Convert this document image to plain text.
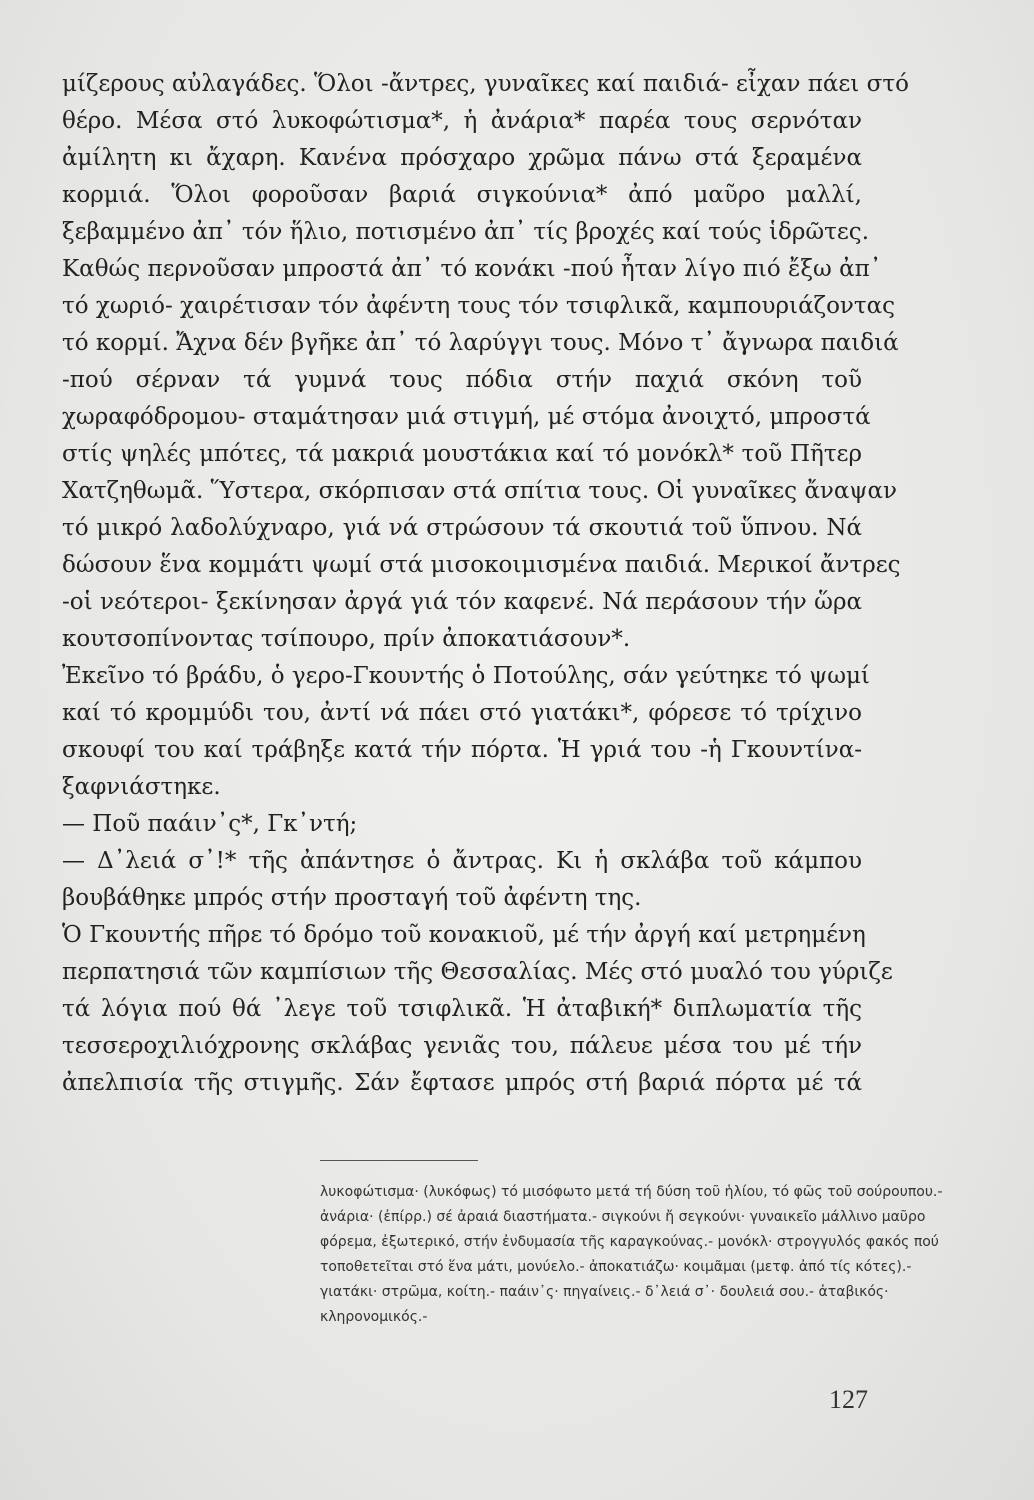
μίζερους αὐλαγάδες. Ὅλοι -ἄντρες, γυναῖκες καί παιδιά- εἶχαν πάει στό
θέρο. Μέσα στό λυκοφώτισμα*, ἡ ἀνάρια* παρέα τους σερνόταν
ἀμίλητη κι ἄχαρη. Κανένα πρόσχαρο χρῶμα πάνω στά ξεραμένα
κορμιά. Ὅλοι φοροῦσαν βαριά σιγκούνια* ἀπό μαῦρο μαλλί,
ξεβαμμένο ἀπ᾽ τόν ἥλιο, ποτισμένο ἀπ᾽ τίς βροχές καί τούς ἱδρῶτες.
Καθώς περνοῦσαν μπροστά ἀπ᾽ τό κονάκι -πού ἦταν λίγο πιό ἔξω ἀπ᾽
τό χωριό- χαιρέτισαν τόν ἀφέντη τους τόν τσιφλικᾶ, καμπουριάζοντας
τό κορμί. Ἄχνα δέν βγῆκε ἀπ᾽ τό λαρύγγι τους. Μόνο τ᾽ ἄγνωρα παιδιά
-πού σέρναν τά γυμνά τους πόδια στήν παχιά σκόνη τοῦ
χωραφόδρομου- σταμάτησαν μιά στιγμή, μέ στόμα ἀνοιχτό, μπροστά
στίς ψηλές μπότες, τά μακριά μουστάκια καί τό μονόκλ* τοῦ Πῆτερ
Χατζηθωμᾶ. Ὕστερα, σκόρπισαν στά σπίτια τους. Οἱ γυναῖκες ἄναψαν
τό μικρό λαδολύχναρο, γιά νά στρώσουν τά σκουτιά τοῦ ὕπνου. Νά
δώσουν ἕνα κομμάτι ψωμί στά μισοκοιμισμένα παιδιά. Μερικοί ἄντρες
-οἱ νεότεροι- ξεκίνησαν ἀργά γιά τόν καφενέ. Νά περάσουν τήν ὥρα
κουτσοπίνοντας τσίπουρο, πρίν ἀποκατιάσουν*.
Ἐκεῖνο τό βράδυ, ὁ γερο-Γκουντής ὁ Ποτούλης, σάν γεύτηκε τό ψωμί
καί τό κρομμύδι του, ἀντί νά πάει στό γιατάκι*, φόρεσε τό τρίχινο
σκουφί του καί τράβηξε κατά τήν πόρτα. Ἡ γριά του -ἡ Γκουντίνα-
ξαφνιάστηκε.
— Ποῦ παάιν᾽ς*, Γκ᾽ντή;
— Δ᾽λειά σ᾽!* τῆς ἀπάντησε ὁ ἄντρας. Κι ἡ σκλάβα τοῦ κάμπου
βουβάθηκε μπρός στήν προσταγή τοῦ ἀφέντη της.
Ὁ Γκουντής πῆρε τό δρόμο τοῦ κονακιοῦ, μέ τήν ἀργή καί μετρημένη
περπατησιά τῶν καμπίσιων τῆς Θεσσαλίας. Μές στό μυαλό του γύριζε
τά λόγια πού θά ᾽λεγε τοῦ τσιφλικᾶ. Ἡ ἀταβική* διπλωματία τῆς
τεσσεροχιλιόχρονης σκλάβας γενιᾶς του, πάλευε μέσα του μέ τήν
ἀπελπισία τῆς στιγμῆς. Σάν ἔφτασε μπρός στή βαριά πόρτα μέ τά
λυκοφώτισμα· (λυκόφως) τό μισόφωτο μετά τή δύση τοῦ ἡλίου, τό φῶς τοῦ σούρουπου.-
ἀνάρια· (ἐπίρρ.) σέ ἀραιά διαστήματα.- σιγκούνι ἤ σεγκούνι· γυναικεῖο μάλλινο μαῦρο
φόρεμα, ἐξωτερικό, στήν ἐνδυμασία τῆς καραγκούνας.- μονόκλ· στρογγυλός φακός πού
τοποθετεῖται στό ἕνα μάτι, μονύελο.- ἀποκατιάζω· κοιμᾶμαι (μετφ. ἀπό τίς κότες).-
γιατάκι· στρῶμα, κοίτη.- παάιν᾽ς· πηγαίνεις.- δ᾽λειά σ᾽· δουλειά σου.- ἀταβικός·
κληρονομικός.-
127
